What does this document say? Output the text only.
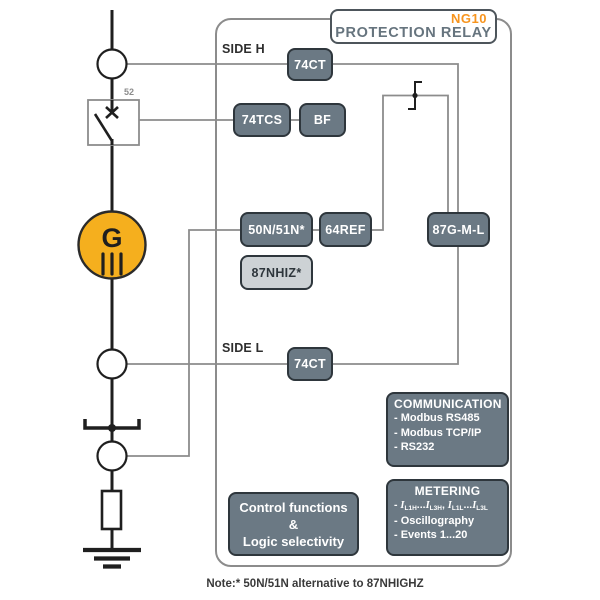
52
G
NG10
PROTECTION RELAY
SIDE H
SIDE L
74CT
74TCS	BF
50N/51N*	64REF	87G-M-L
87NHIZ*
74CT
COMMUNICATION
- Modbus RS485
- Modbus TCP/IP
- RS232
METERING
- $I_{L1H}...I_{L3H}$, $I_{L1L}...I_{L3L}$
- Oscillography
- Events 1...20
Control functions
&
Logic selectivity
Note:* 50N/51N alternative to 87NHIGHZ
